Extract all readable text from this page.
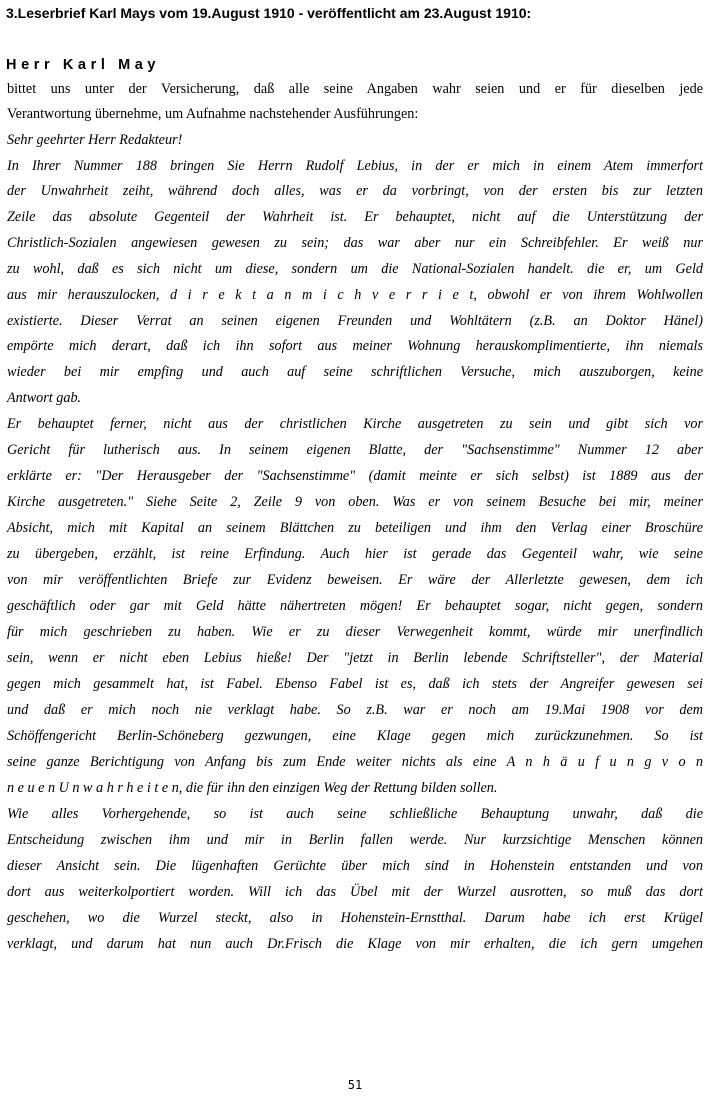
3.Leserbrief Karl Mays vom 19.August 1910 - veröffentlicht am 23.August 1910:
Herr Karl May
bittet uns unter der Versicherung, daß alle seine Angaben wahr seien und er für dieselben jede
Verantwortung übernehme, um Aufnahme nachstehender Ausführungen:
Sehr geehrter Herr Redakteur!
In Ihrer Nummer 188 bringen Sie Herrn Rudolf Lebius, in der er mich in einem Atem immerfort
der Unwahrheit zeiht, während doch alles, was er da vorbringt, von der ersten bis zur letzten
Zeile das absolute Gegenteil der Wahrheit ist. Er behauptet, nicht auf die Unterstützung der
Christlich-Sozialen angewiesen gewesen zu sein; das war aber nur ein Schreibfehler. Er weiß nur
zu wohl, daß es sich nicht um diese, sondern um die National-Sozialen handelt. die er, um Geld
aus mir herauszulocken, d i r e k t a n m i c h v e r r i e t, obwohl er von ihrem Wohlwollen
existierte. Dieser Verrat an seinen eigenen Freunden und Wohltätern (z.B. an Doktor Hänel)
empörte mich derart, daß ich ihn sofort aus meiner Wohnung herauskomplimentierte, ihn niemals
wieder bei mir empfing und auch auf seine schriftlichen Versuche, mich auszuborgen, keine
Antwort gab.
Er behauptet ferner, nicht aus der christlichen Kirche ausgetreten zu sein und gibt sich vor
Gericht für lutherisch aus. In seinem eigenen Blatte, der "Sachsenstimme" Nummer 12 aber
erklärte er: "Der Herausgeber der "Sachsenstimme" (damit meinte er sich selbst) ist 1889 aus der
Kirche ausgetreten." Siehe Seite 2, Zeile 9 von oben. Was er von seinem Besuche bei mir, meiner
Absicht, mich mit Kapital an seinem Blättchen zu beteiligen und ihm den Verlag einer Broschüre
zu übergeben, erzählt, ist reine Erfindung. Auch hier ist gerade das Gegenteil wahr, wie seine
von mir veröffentlichten Briefe zur Evidenz beweisen. Er wäre der Allerletzte gewesen, dem ich
geschäftlich oder gar mit Geld hätte nähertreten mögen! Er behauptet sogar, nicht gegen, sondern
für mich geschrieben zu haben. Wie er zu dieser Verwegenheit kommt, würde mir unerfindlich
sein, wenn er nicht eben Lebius hieße! Der "jetzt in Berlin lebende Schriftsteller", der Material
gegen mich gesammelt hat, ist Fabel. Ebenso Fabel ist es, daß ich stets der Angreifer gewesen sei
und daß er mich noch nie verklagt habe. So z.B. war er noch am 19.Mai 1908 vor dem
Schöffengericht Berlin-Schöneberg gezwungen, eine Klage gegen mich zurückzunehmen. So ist
seine ganze Berichtigung von Anfang bis zum Ende weiter nichts als eine A n h ä u f u n g v o n
n e u e n U n w a h r h e i t e n, die für ihn den einzigen Weg der Rettung bilden sollen.
Wie alles Vorhergehende, so ist auch seine schließliche Behauptung unwahr, daß die
Entscheidung zwischen ihm und mir in Berlin fallen werde. Nur kurzsichtige Menschen können
dieser Ansicht sein. Die lügenhaften Gerüchte über mich sind in Hohenstein entstanden und von
dort aus weiterkolportiert worden. Will ich das Übel mit der Wurzel ausrotten, so muß das dort
geschehen, wo die Wurzel steckt, also in Hohenstein-Ernstthal. Darum habe ich erst Krügel
verklagt, und darum hat nun auch Dr.Frisch die Klage von mir erhalten, die ich gern umgehen
51
